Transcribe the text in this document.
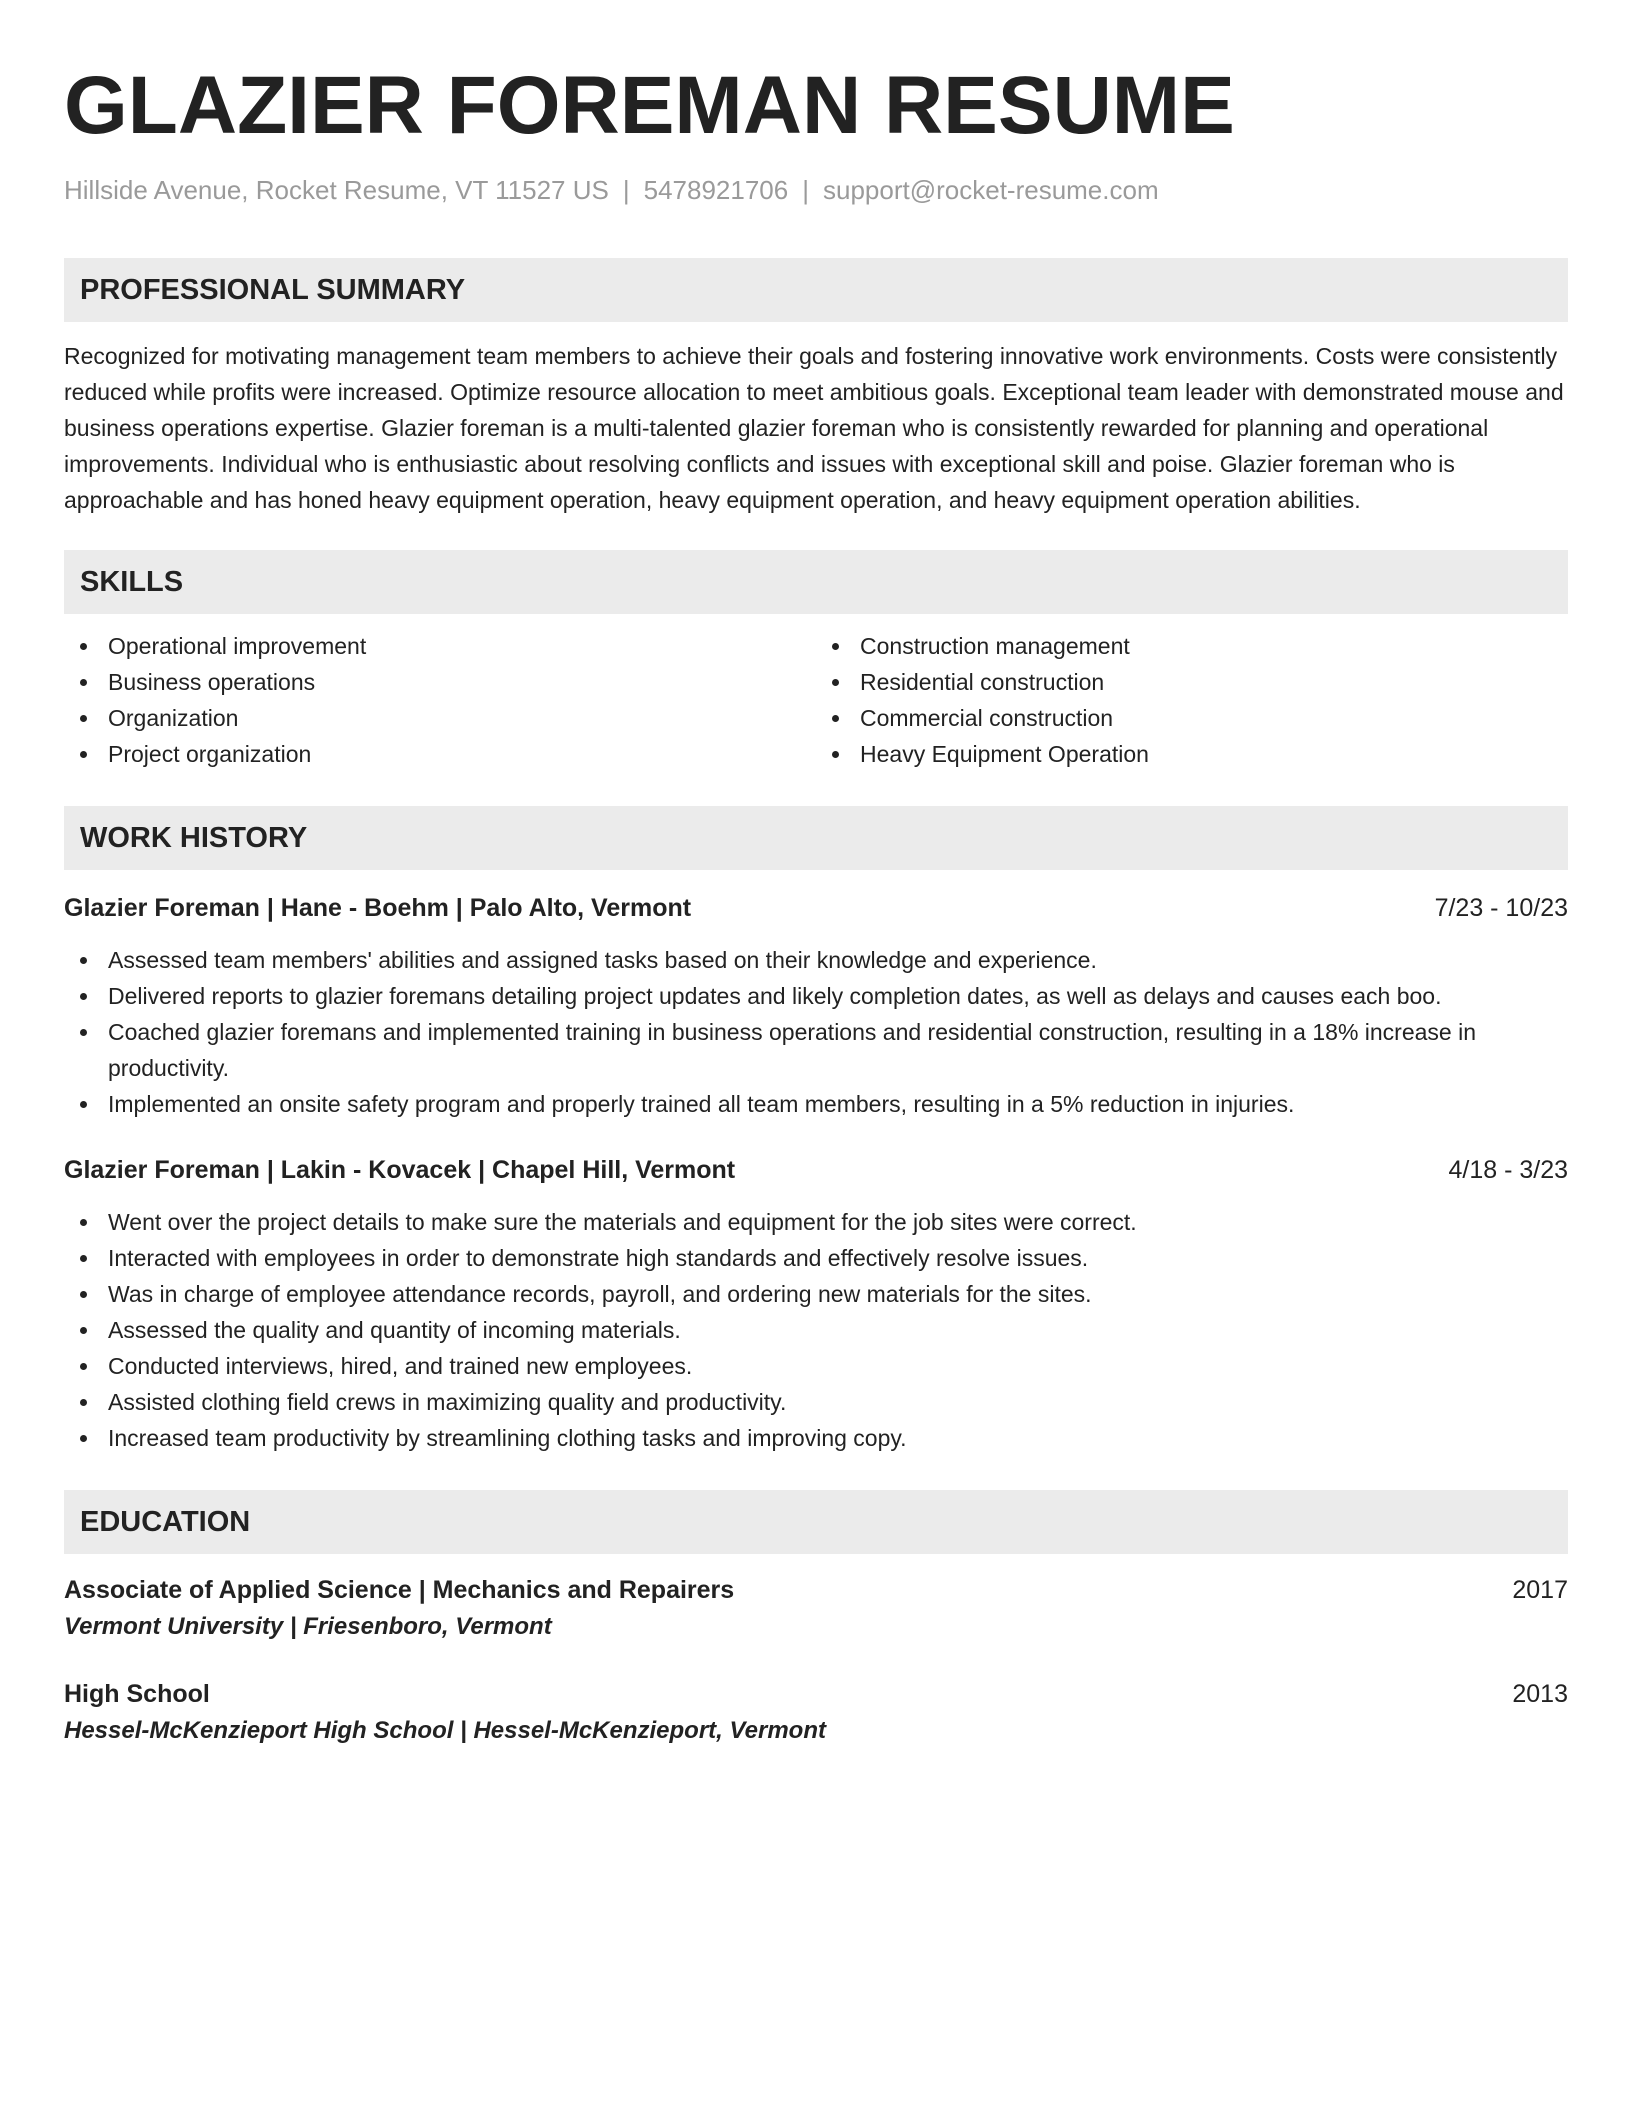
GLAZIER FOREMAN RESUME
Hillside Avenue, Rocket Resume, VT 11527 US | 5478921706 | support@rocket-resume.com
PROFESSIONAL SUMMARY

Recognized for motivating management team members to achieve their goals and fostering innovative work environments. Costs were consistently reduced while profits were increased. Optimize resource allocation to meet ambitious goals. Exceptional team leader with demonstrated mouse and business operations expertise. Glazier foreman is a multi-talented glazier foreman who is consistently rewarded for planning and operational improvements. Individual who is enthusiastic about resolving conflicts and issues with exceptional skill and poise. Glazier foreman who is approachable and has honed heavy equipment operation, heavy equipment operation, and heavy equipment operation abilities.

SKILLS
Operational improvement
Business operations
Organization
Project organization
Construction management
Residential construction
Commercial construction
Heavy Equipment Operation
WORK HISTORY
Glazier Foreman | Hane - Boehm | Palo Alto, Vermont	7/23 - 10/23
Assessed team members' abilities and assigned tasks based on their knowledge and experience.
Delivered reports to glazier foremans detailing project updates and likely completion dates, as well as delays and causes each boo.
Coached glazier foremans and implemented training in business operations and residential construction, resulting in a 18% increase in productivity.
Implemented an onsite safety program and properly trained all team members, resulting in a 5% reduction in injuries.
Glazier Foreman | Lakin - Kovacek | Chapel Hill, Vermont	4/18 - 3/23
Went over the project details to make sure the materials and equipment for the job sites were correct.
Interacted with employees in order to demonstrate high standards and effectively resolve issues.
Was in charge of employee attendance records, payroll, and ordering new materials for the sites.
Assessed the quality and quantity of incoming materials.
Conducted interviews, hired, and trained new employees.
Assisted clothing field crews in maximizing quality and productivity.
Increased team productivity by streamlining clothing tasks and improving copy.
EDUCATION
Associate of Applied Science | Mechanics and Repairers	2017
Vermont University | Friesenboro, Vermont
High School	2013
Hessel-McKenzieport High School | Hessel-McKenzieport, Vermont
